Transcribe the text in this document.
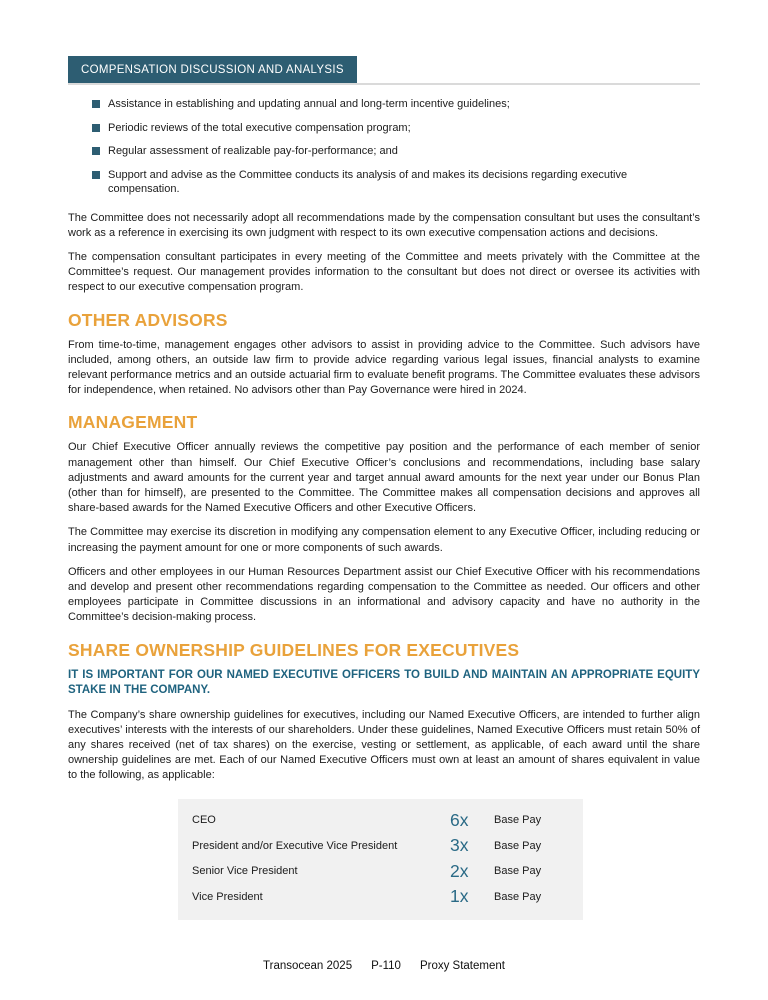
COMPENSATION DISCUSSION AND ANALYSIS
Assistance in establishing and updating annual and long-term incentive guidelines;
Periodic reviews of the total executive compensation program;
Regular assessment of realizable pay-for-performance; and
Support and advise as the Committee conducts its analysis of and makes its decisions regarding executive compensation.

The Committee does not necessarily adopt all recommendations made by the compensation consultant but uses the consultant’s work as a reference in exercising its own judgment with respect to its own executive compensation actions and decisions.

The compensation consultant participates in every meeting of the Committee and meets privately with the Committee at the Committee’s request. Our management provides information to the consultant but does not direct or oversee its activities with respect to our executive compensation program.

OTHER ADVISORS

From time-to-time, management engages other advisors to assist in providing advice to the Committee. Such advisors have included, among others, an outside law firm to provide advice regarding various legal issues, financial analysts to examine relevant performance metrics and an outside actuarial firm to evaluate benefit programs. The Committee evaluates these advisors for independence, when retained. No advisors other than Pay Governance were hired in 2024.

MANAGEMENT

Our Chief Executive Officer annually reviews the competitive pay position and the performance of each member of senior management other than himself. Our Chief Executive Officer’s conclusions and recommendations, including base salary adjustments and award amounts for the current year and target annual award amounts for the next year under our Bonus Plan (other than for himself), are presented to the Committee. The Committee makes all compensation decisions and approves all share-based awards for the Named Executive Officers and other Executive Officers.

The Committee may exercise its discretion in modifying any compensation element to any Executive Officer, including reducing or increasing the payment amount for one or more components of such awards.

Officers and other employees in our Human Resources Department assist our Chief Executive Officer with his recommendations and develop and present other recommendations regarding compensation to the Committee as needed. Our officers and other employees participate in Committee discussions in an informational and advisory capacity and have no authority in the Committee’s decision-making process.

SHARE OWNERSHIP GUIDELINES FOR EXECUTIVES
IT IS IMPORTANT FOR OUR NAMED EXECUTIVE OFFICERS TO BUILD AND MAINTAIN AN APPROPRIATE EQUITY STAKE IN THE COMPANY.

The Company’s share ownership guidelines for executives, including our Named Executive Officers, are intended to further align executives’ interests with the interests of our shareholders. Under these guidelines, Named Executive Officers must retain 50% of any shares received (net of tax shares) on the exercise, vesting or settlement, as applicable, of each award until the share ownership guidelines are met. Each of our Named Executive Officers must own at least an amount of shares equivalent in value to the following, as applicable:

CEO	6x	Base Pay
President and/or Executive Vice President	3x	Base Pay
Senior Vice President	2x	Base Pay
Vice President	1x	Base Pay
Transocean 2025 P-110 Proxy Statement
